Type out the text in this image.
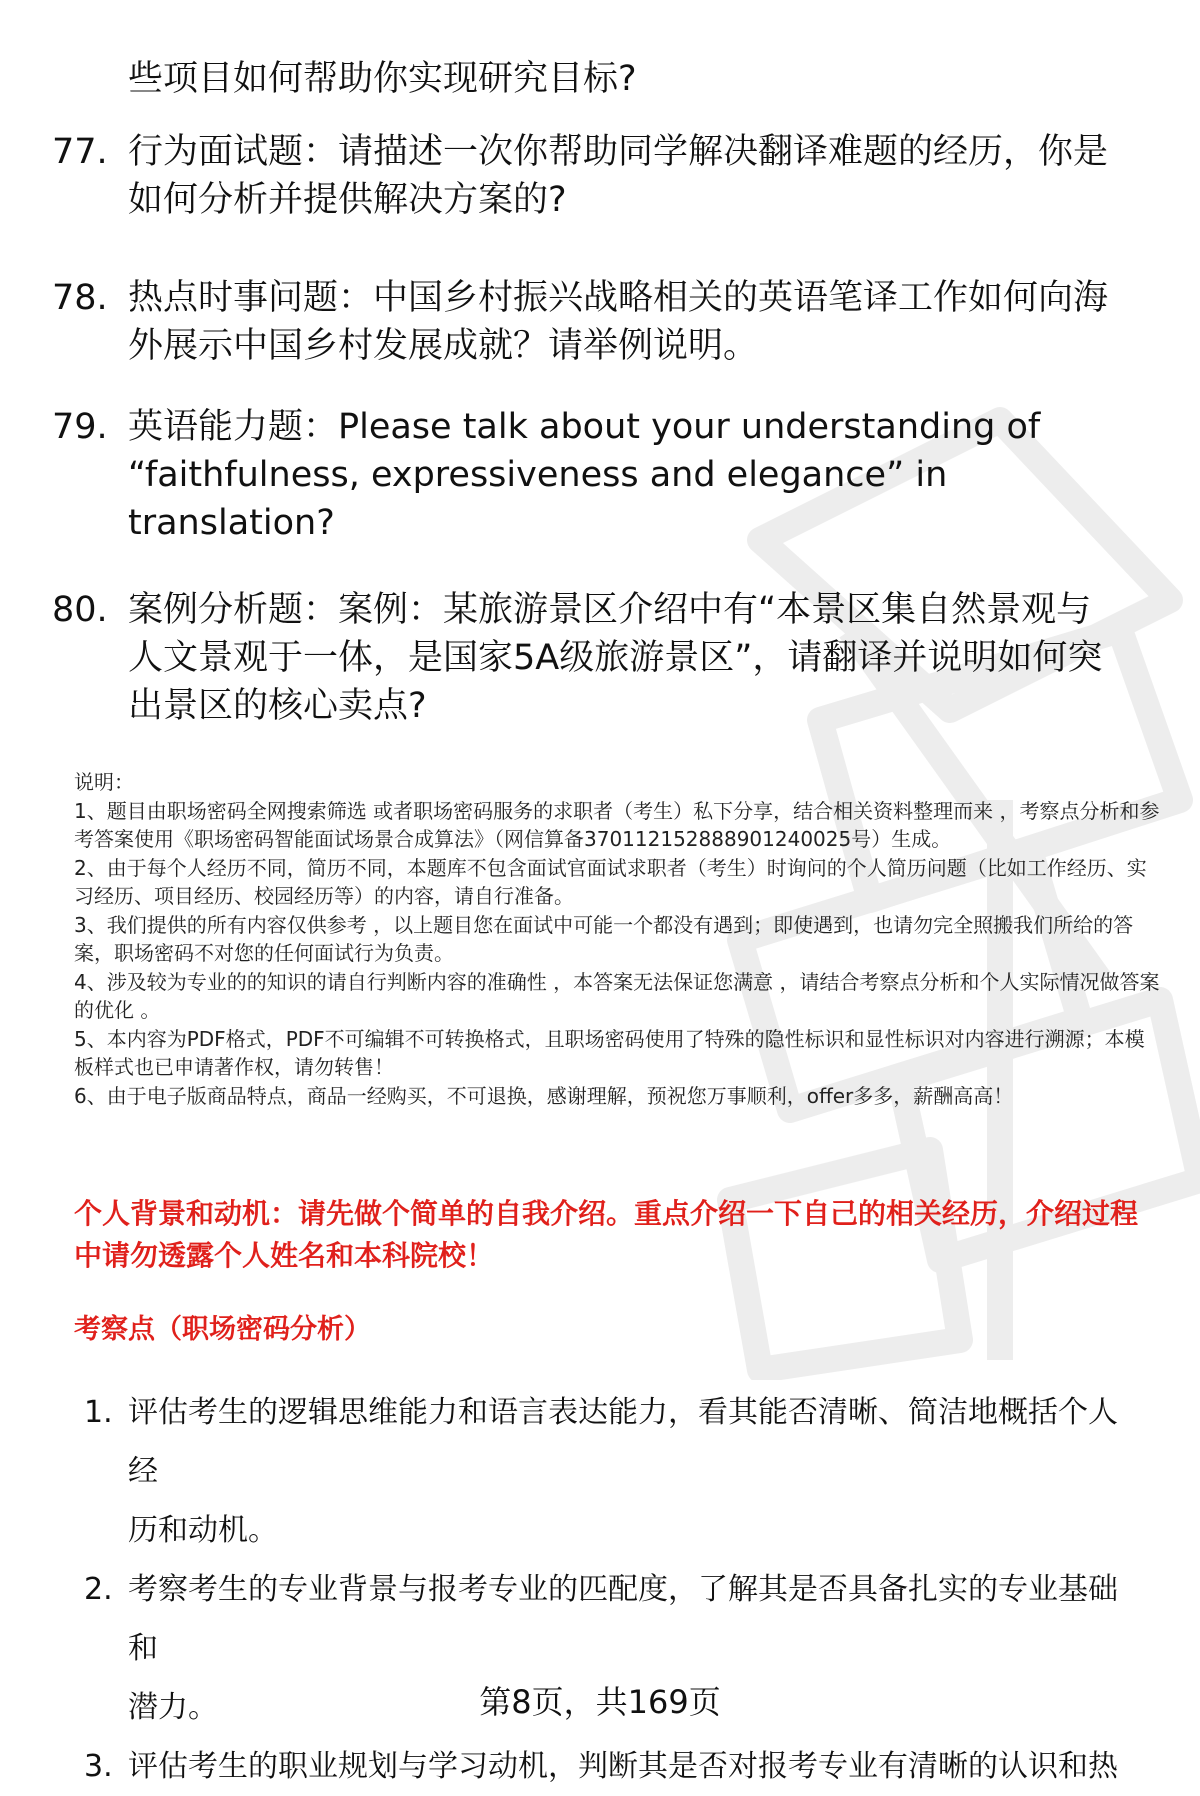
些项目如何帮助你实现研究目标?
77. 行为面试题：请描述一次你帮助同学解决翻译难题的经历，你是
如何分析并提供解决方案的?
78. 热点时事问题：中国乡村振兴战略相关的英语笔译工作如何向海
外展示中国乡村发展成就？请举例说明。
79. 英语能力题：Please talk about your understanding of
“faithfulness, expressiveness and elegance” in
translation?
80. 案例分析题：案例：某旅游景区介绍中有“本景区集自然景观与
人文景观于一体，是国家5A级旅游景区”，请翻译并说明如何突
出景区的核心卖点?
说明：
1、题目由职场密码全网搜索筛选 或者职场密码服务的求职者（考生）私下分享，结合相关资料整理而来 ，考察点分析和参考答案使用《职场密码智能面试场景合成算法》（网信算备370112152888901240025号）生成。
2、由于每个人经历不同，简历不同，本题库不包含面试官面试求职者（考生）时询问的个人简历问题（比如工作经历、实习经历、项目经历、校园经历等）的内容，请自行准备。
3、我们提供的所有内容仅供参考 ，以上题目您在面试中可能一个都没有遇到；即使遇到，也请勿完全照搬我们所给的答案，职场密码不对您的任何面试行为负责。
4、涉及较为专业的的知识的请自行判断内容的准确性 ，本答案无法保证您满意 ，请结合考察点分析和个人实际情况做答案的优化 。
5、本内容为PDF格式，PDF不可编辑不可转换格式，且职场密码使用了特殊的隐性标识和显性标识对内容进行溯源；本模板样式也已申请著作权，请勿转售！
6、由于电子版商品特点，商品一经购买，不可退换，感谢理解，预祝您万事顺利，offer多多，薪酬高高！
个人背景和动机：请先做个简单的自我介绍。重点介绍一下自己的相关经历，介绍过程中请勿透露个人姓名和本科院校！
考察点（职场密码分析）
1. 评估考生的逻辑思维能力和语言表达能力，看其能否清晰、简洁地概括个人经
历和动机。
2. 考察考生的专业背景与报考专业的匹配度，了解其是否具备扎实的专业基础和
潜力。
3. 评估考生的职业规划与学习动机，判断其是否对报考专业有清晰的认识和热
第8页，共169页
